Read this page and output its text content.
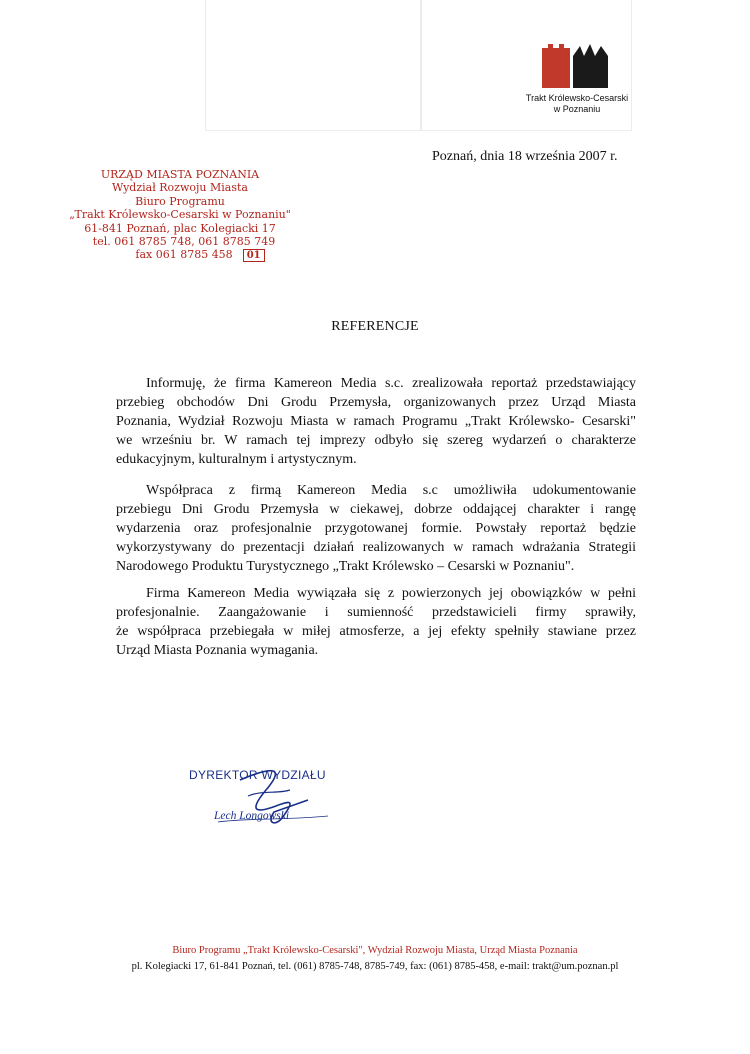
Trakt Królewsko-Cesarski
w Poznaniu
Poznań, dnia 18 września 2007 r.
URZĄD MIASTA POZNANIA
Wydział Rozwoju Miasta
Biuro Programu
„Trakt Królewsko-Cesarski w Poznaniu"
61-841 Poznań, plac Kolegiacki 17
tel. 061 8785 748, 061 8785 749
fax 061 8785 458	01
REFERENCJE
Informuję, że firma Kamereon Media s.c. zrealizowała reportaż przedstawiający
przebieg obchodów Dni Grodu Przemysła, organizowanych przez Urząd Miasta
Poznania, Wydział Rozwoju Miasta w ramach Programu „Trakt Królewsko- Cesarski"
we wrześniu br. W ramach tej imprezy odbyło się szereg wydarzeń o charakterze
edukacyjnym, kulturalnym i artystycznym.
Współpraca z firmą Kamereon Media s.c umożliwiła udokumentowanie
przebiegu Dni Grodu Przemysła w ciekawej, dobrze oddającej charakter i rangę
wydarzenia oraz profesjonalnie przygotowanej formie. Powstały reportaż będzie
wykorzystywany do prezentacji działań realizowanych w ramach wdrażania Strategii
Narodowego Produktu Turystycznego „Trakt Królewsko – Cesarski w Poznaniu".
Firma Kamereon Media wywiązała się z powierzonych jej obowiązków w pełni
profesjonalnie. Zaangażowanie i sumienność przedstawicieli firmy sprawiły,
że współpraca przebiegała w miłej atmosferze, a jej efekty spełniły stawiane przez
Urząd Miasta Poznania wymagania.
DYREKTOR WYDZIAŁU
Lech Longowski
Biuro Programu „Trakt Królewsko-Cesarski", Wydział Rozwoju Miasta, Urząd Miasta Poznania
pl. Kolegiacki 17, 61-841 Poznań, tel. (061) 8785-748, 8785-749, fax: (061) 8785-458, e-mail: trakt@um.poznan.pl
